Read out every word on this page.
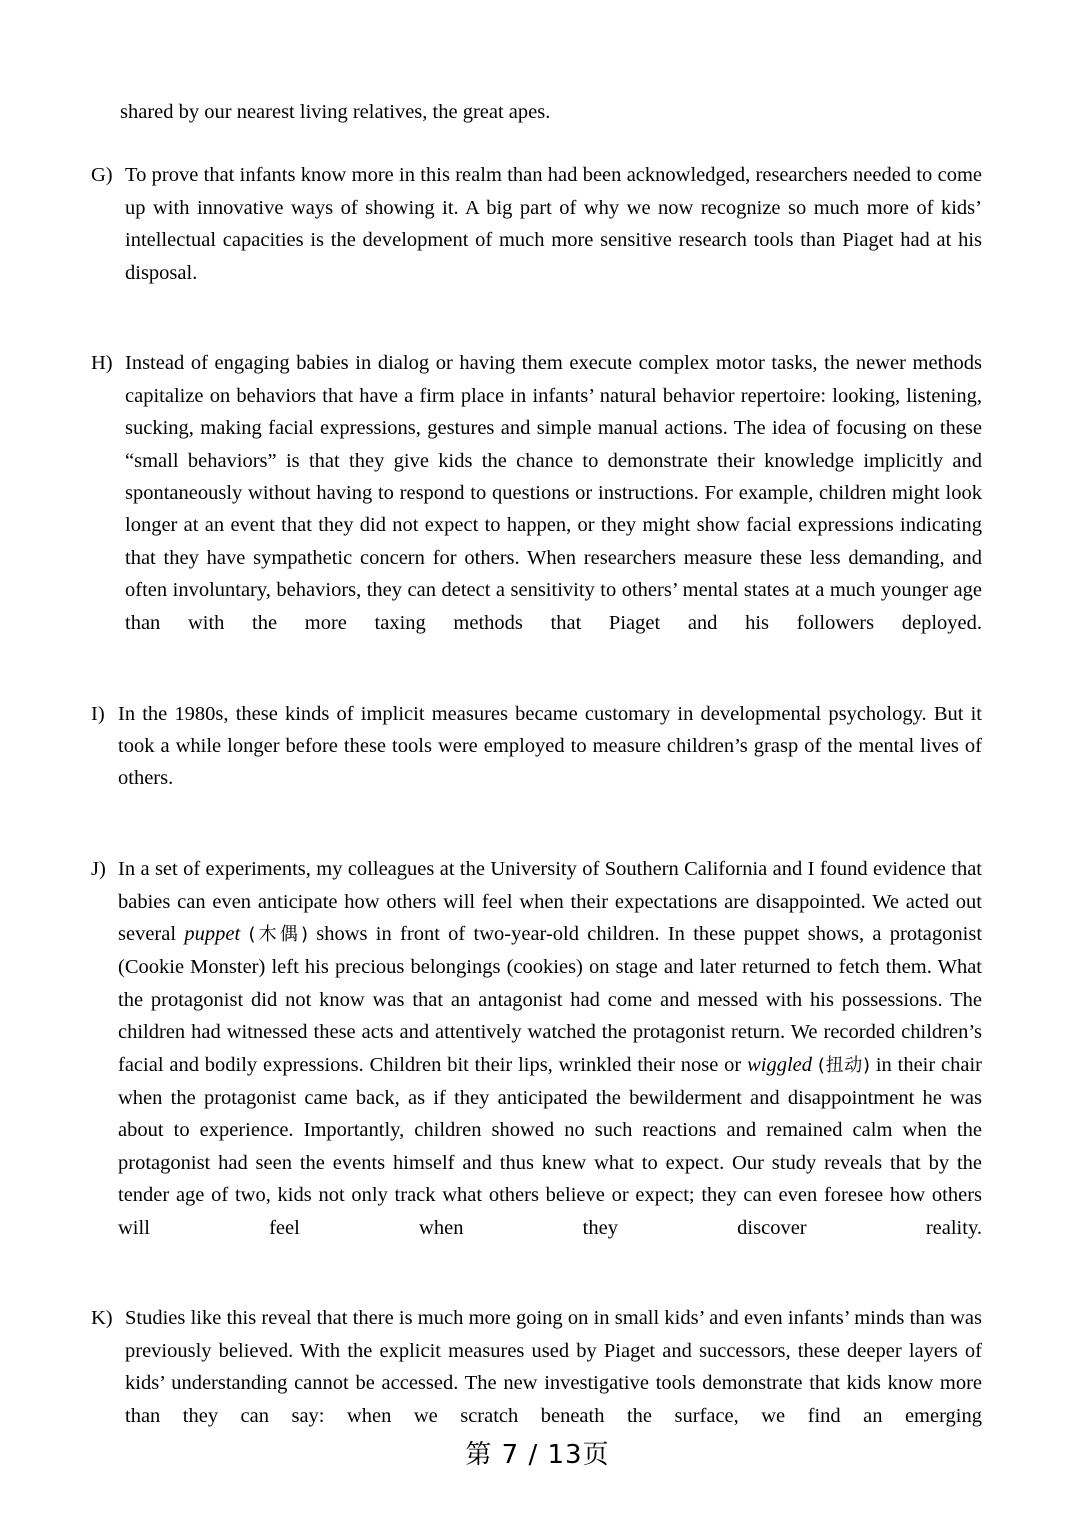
shared by our nearest living relatives, the great apes.
G) To prove that infants know more in this realm than had been acknowledged, researchers needed to come up with innovative ways of showing it. A big part of why we now recognize so much more of kids’ intellectual capacities is the development of much more sensitive research tools than Piaget had at his disposal.
H) Instead of engaging babies in dialog or having them execute complex motor tasks, the newer methods capitalize on behaviors that have a firm place in infants’ natural behavior repertoire: looking, listening, sucking, making facial expressions, gestures and simple manual actions. The idea of focusing on these “small behaviors” is that they give kids the chance to demonstrate their knowledge implicitly and spontaneously without having to respond to questions or instructions. For example, children might look longer at an event that they did not expect to happen, or they might show facial expressions indicating that they have sympathetic concern for others. When researchers measure these less demanding, and often involuntary, behaviors, they can detect a sensitivity to others’ mental states at a much younger age than with the more taxing methods that Piaget and his followers deployed.
I) In the 1980s, these kinds of implicit measures became customary in developmental psychology. But it took a while longer before these tools were employed to measure children’s grasp of the mental lives of others.
J) In a set of experiments, my colleagues at the University of Southern California and I found evidence that babies can even anticipate how others will feel when their expectations are disappointed. We acted out several puppet (木偶) shows in front of two-year-old children. In these puppet shows, a protagonist (Cookie Monster) left his precious belongings (cookies) on stage and later returned to fetch them. What the protagonist did not know was that an antagonist had come and messed with his possessions. The children had witnessed these acts and attentively watched the protagonist return. We recorded children’s facial and bodily expressions. Children bit their lips, wrinkled their nose or wiggled (扭动) in their chair when the protagonist came back, as if they anticipated the bewilderment and disappointment he was about to experience. Importantly, children showed no such reactions and remained calm when the protagonist had seen the events himself and thus knew what to expect. Our study reveals that by the tender age of two, kids not only track what others believe or expect; they can even foresee how others will feel when they discover reality.
K) Studies like this reveal that there is much more going on in small kids’ and even infants’ minds than was previously believed. With the explicit measures used by Piaget and successors, these deeper layers of kids’ understanding cannot be accessed. The new investigative tools demonstrate that kids know more than they can say: when we scratch beneath the surface, we find an emerging
第 7 / 13页
